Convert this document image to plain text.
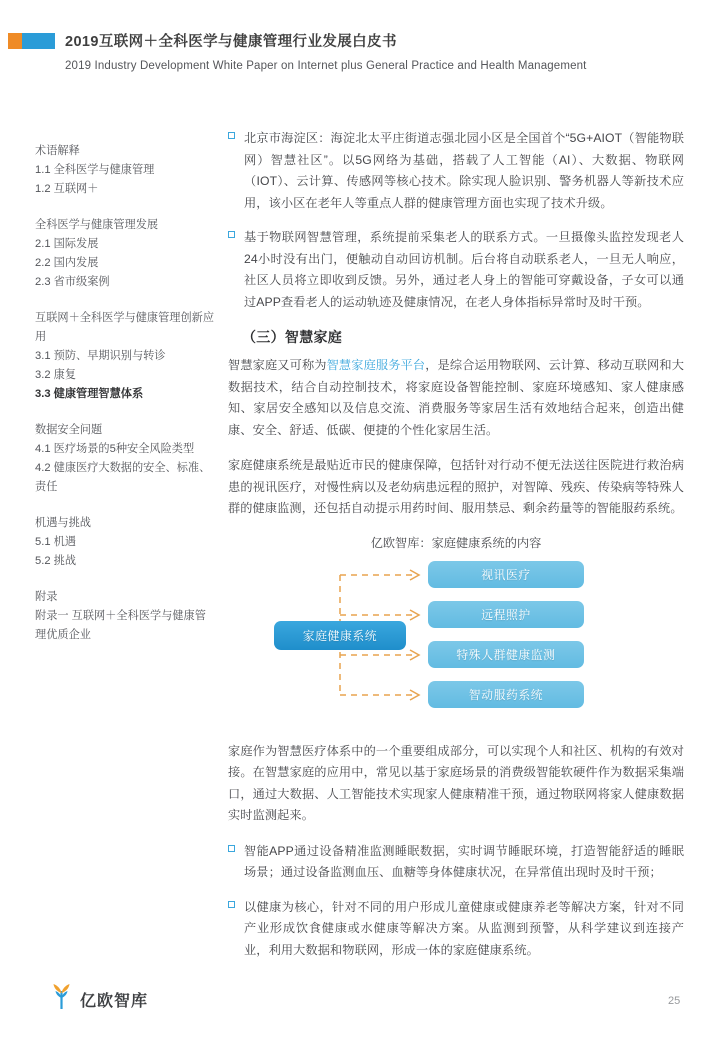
2019互联网＋全科医学与健康管理行业发展白皮书
2019 Industry Development White Paper on Internet plus General Practice and Health Management
术语解释
1.1 全科医学与健康管理
1.2 互联网＋
全科医学与健康管理发展
2.1 国际发展
2.2 国内发展
2.3 省市级案例
互联网＋全科医学与健康管理创新应用
3.1 预防、早期识别与转诊
3.2 康复
3.3 健康管理智慧体系
数据安全问题
4.1 医疗场景的5种安全风险类型
4.2 健康医疗大数据的安全、标准、责任
机遇与挑战
5.1 机遇
5.2 挑战
附录
附录一 互联网＋全科医学与健康管理优质企业
北京市海淀区：海淀北太平庄街道志强北园小区是全国首个“5G+AIOT（智能物联网）智慧社区”。以5G网络为基础，搭载了人工智能（AI）、大数据、物联网（IOT）、云计算、传感网等核心技术。除实现人脸识别、警务机器人等新技术应用，该小区在老年人等重点人群的健康管理方面也实现了技术升级。
基于物联网智慧管理，系统提前采集老人的联系方式。一旦摄像头监控发现老人24小时没有出门，便触动自动回访机制。后台将自动联系老人，一旦无人响应，社区人员将立即收到反馈。另外，通过老人身上的智能可穿戴设备，子女可以通过APP查看老人的运动轨迹及健康情况，在老人身体指标异常时及时干预。
（三）智慧家庭

智慧家庭又可称为智慧家庭服务平台，是综合运用物联网、云计算、移动互联网和大数据技术，结合自动控制技术，将家庭设备智能控制、家庭环境感知、家人健康感知、家居安全感知以及信息交流、消费服务等家居生活有效地结合起来，创造出健康、安全、舒适、低碳、便捷的个性化家居生活。

家庭健康系统是最贴近市民的健康保障，包括针对行动不便无法送往医院进行救治病患的视讯医疗，对慢性病以及老幼病患远程的照护，对智障、残疾、传染病等特殊人群的健康监测，还包括自动提示用药时间、服用禁忌、剩余药量等的智能服药系统。

亿欧智库：家庭健康系统的内容
家庭健康系统
视讯医疗
远程照护
特殊人群健康监测
智动服药系统

家庭作为智慧医疗体系中的一个重要组成部分，可以实现个人和社区、机构的有效对接。在智慧家庭的应用中，常见以基于家庭场景的消费级智能软硬件作为数据采集端口，通过大数据、人工智能技术实现家人健康精准干预，通过物联网将家人健康数据实时监测起来。

智能APP通过设备精准监测睡眠数据，实时调节睡眠环境，打造智能舒适的睡眠场景；通过设备监测血压、血糖等身体健康状况，在异常值出现时及时干预；
以健康为核心，针对不同的用户形成儿童健康或健康养老等解决方案，针对不同产业形成饮食健康或水健康等解决方案。从监测到预警，从科学建议到连接产业，利用大数据和物联网，形成一体的家庭健康系统。
亿欧智库	25
